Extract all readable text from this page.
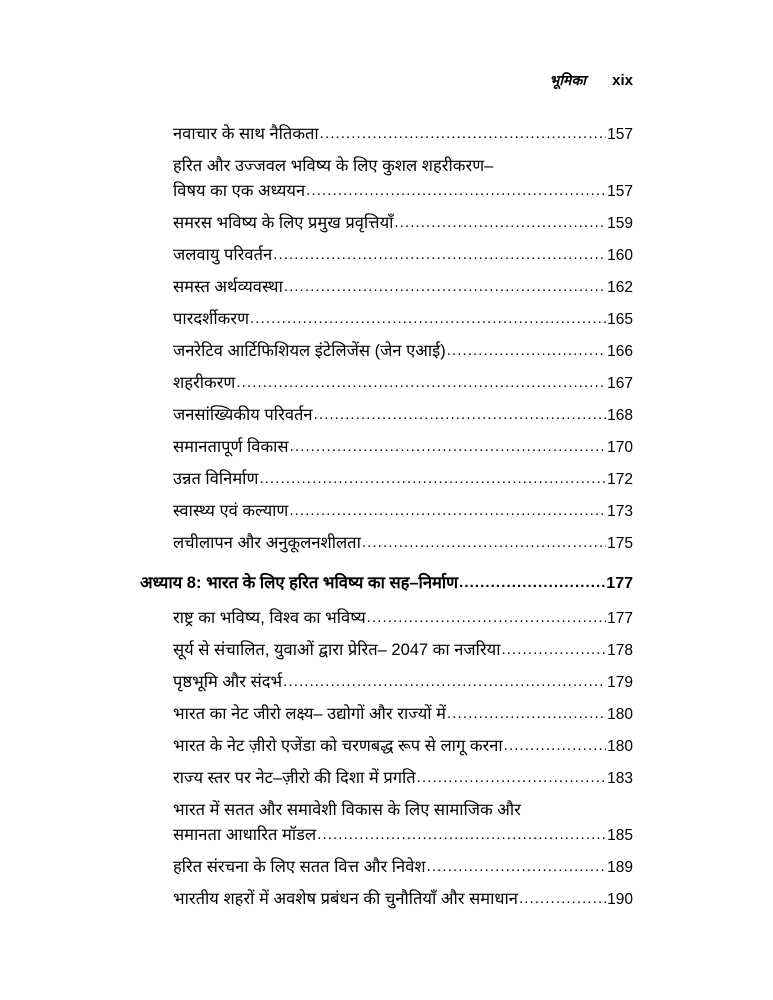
भूमिका xix
नवाचार के साथ नैतिकता .....	157
हरित और उज्जवल भविष्य के लिए कुशल शहरीकरण–
विषय का एक अध्ययन .....	157
समरस भविष्य के लिए प्रमुख प्रवृत्तियाँ .....	159
जलवायु परिवर्तन .....	160
समस्त अर्थव्यवस्था .....	162
पारदर्शीकरण .....	165
जनरेटिव आर्टिफिशियल इंटेलिजेंस (जेन एआई) .....	166
शहरीकरण .....	167
जनसांख्यिकीय परिवर्तन .....	168
समानतापूर्ण विकास .....	170
उन्नत विनिर्माण .....	172
स्वास्थ्य एवं कल्याण .....	173
लचीलापन और अनुकूलनशीलता .....	175
अध्याय 8: भारत के लिए हरित भविष्य का सह–निर्माण .....	177
राष्ट्र का भविष्य, विश्व का भविष्य .....	177
सूर्य से संचालित, युवाओं द्वारा प्रेरित– 2047 का नजरिया .....	178
पृष्ठभूमि और संदर्भ .....	179
भारत का नेट जीरो लक्ष्य– उद्योगों और राज्यों में .....	180
भारत के नेट ज़ीरो एजेंडा को चरणबद्ध रूप से लागू करना .....	180
राज्य स्तर पर नेट–ज़ीरो की दिशा में प्रगति .....	183
भारत में सतत और समावेशी विकास के लिए सामाजिक और
समानता आधारित मॉडल .....	185
हरित संरचना के लिए सतत वित्त और निवेश .....	189
भारतीय शहरों में अवशेष प्रबंधन की चुनौतियाँ और समाधान .....	190
